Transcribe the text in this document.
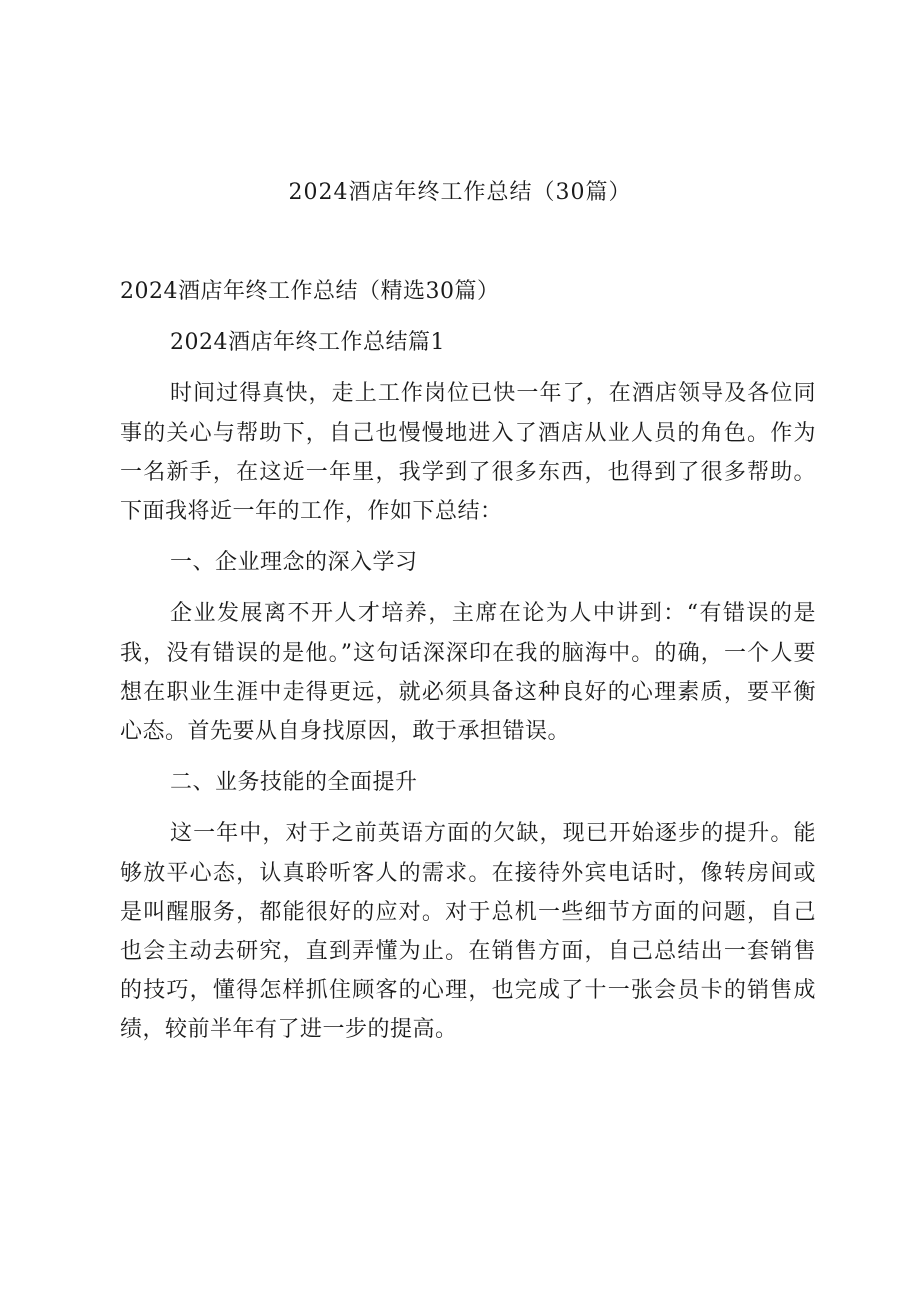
2024酒店年终工作总结（30篇）

2024酒店年终工作总结（精选30篇）

2024酒店年终工作总结篇1

时间过得真快，走上工作岗位已快一年了，在酒店领导及各位同事的关心与帮助下，自己也慢慢地进入了酒店从业人员的角色。作为一名新手，在这近一年里，我学到了很多东西，也得到了很多帮助。下面我将近一年的工作，作如下总结：

一、企业理念的深入学习

企业发展离不开人才培养，主席在论为人中讲到：“有错误的是我，没有错误的是他。”这句话深深印在我的脑海中。的确，一个人要想在职业生涯中走得更远，就必须具备这种良好的心理素质，要平衡心态。首先要从自身找原因，敢于承担错误。

二、业务技能的全面提升

这一年中，对于之前英语方面的欠缺，现已开始逐步的提升。能够放平心态，认真聆听客人的需求。在接待外宾电话时，像转房间或是叫醒服务，都能很好的应对。对于总机一些细节方面的问题，自己也会主动去研究，直到弄懂为止。在销售方面，自己总结出一套销售的技巧，懂得怎样抓住顾客的心理，也完成了十一张会员卡的销售成绩，较前半年有了进一步的提高。
